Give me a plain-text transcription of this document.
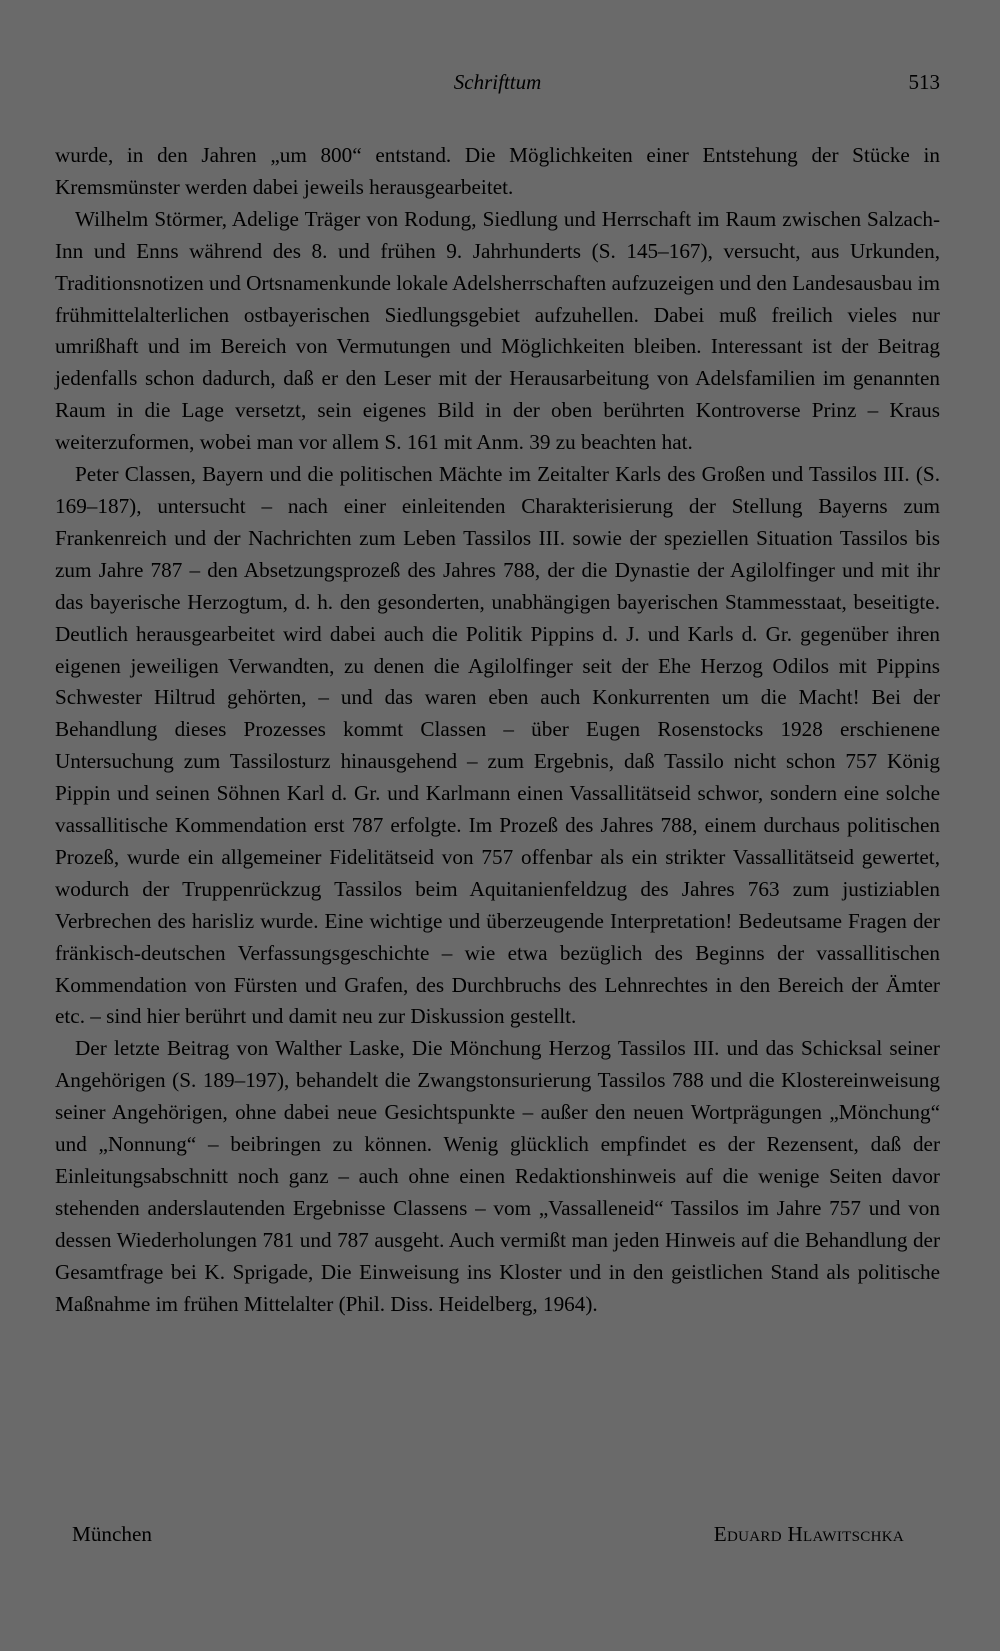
Schrifttum	513

wurde, in den Jahren „um 800“ entstand. Die Möglichkeiten einer Entstehung der Stücke in Kremsmünster werden dabei jeweils herausgearbeitet.

Wilhelm Störmer, Adelige Träger von Rodung, Siedlung und Herrschaft im Raum zwischen Salzach-Inn und Enns während des 8. und frühen 9. Jahrhunderts (S. 145–167), versucht, aus Urkunden, Traditionsnotizen und Ortsnamenkunde lokale Adelsherrschaften aufzuzeigen und den Landesausbau im frühmittelalterlichen ostbayerischen Siedlungsgebiet aufzuhellen. Dabei muß freilich vieles nur umrißhaft und im Bereich von Vermutungen und Möglichkeiten bleiben. Interessant ist der Beitrag jedenfalls schon dadurch, daß er den Leser mit der Herausarbeitung von Adelsfamilien im genannten Raum in die Lage versetzt, sein eigenes Bild in der oben berührten Kontroverse Prinz – Kraus weiterzuformen, wobei man vor allem S. 161 mit Anm. 39 zu beachten hat.

Peter Classen, Bayern und die politischen Mächte im Zeitalter Karls des Großen und Tassilos III. (S. 169–187), untersucht – nach einer einleitenden Charakterisierung der Stellung Bayerns zum Frankenreich und der Nachrichten zum Leben Tassilos III. sowie der speziellen Situation Tassilos bis zum Jahre 787 – den Absetzungsprozeß des Jahres 788, der die Dynastie der Agilolfinger und mit ihr das bayerische Herzogtum, d. h. den gesonderten, unabhängigen bayerischen Stammesstaat, beseitigte. Deutlich herausgearbeitet wird dabei auch die Politik Pippins d. J. und Karls d. Gr. gegenüber ihren eigenen jeweiligen Verwandten, zu denen die Agilolfinger seit der Ehe Herzog Odilos mit Pippins Schwester Hiltrud gehörten, – und das waren eben auch Konkurrenten um die Macht! Bei der Behandlung dieses Prozesses kommt Classen – über Eugen Rosenstocks 1928 erschienene Untersuchung zum Tassilosturz hinausgehend – zum Ergebnis, daß Tassilo nicht schon 757 König Pippin und seinen Söhnen Karl d. Gr. und Karlmann einen Vassallitätseid schwor, sondern eine solche vassallitische Kommendation erst 787 erfolgte. Im Prozeß des Jahres 788, einem durchaus politischen Prozeß, wurde ein allgemeiner Fidelitätseid von 757 offenbar als ein strikter Vassallitätseid gewertet, wodurch der Truppenrückzug Tassilos beim Aquitanienfeldzug des Jahres 763 zum justiziablen Verbrechen des harisliz wurde. Eine wichtige und überzeugende Interpretation! Bedeutsame Fragen der fränkisch-deutschen Verfassungsgeschichte – wie etwa bezüglich des Beginns der vassallitischen Kommendation von Fürsten und Grafen, des Durchbruchs des Lehnrechtes in den Bereich der Ämter etc. – sind hier berührt und damit neu zur Diskussion gestellt.

Der letzte Beitrag von Walther Laske, Die Mönchung Herzog Tassilos III. und das Schicksal seiner Angehörigen (S. 189–197), behandelt die Zwangstonsurierung Tassilos 788 und die Klostereinweisung seiner Angehörigen, ohne dabei neue Gesichtspunkte – außer den neuen Wortprägungen „Mönchung“ und „Nonnung“ – beibringen zu können. Wenig glücklich empfindet es der Rezensent, daß der Einleitungsabschnitt noch ganz – auch ohne einen Redaktionshinweis auf die wenige Seiten davor stehenden anderslautenden Ergebnisse Classens – vom „Vassalleneid“ Tassilos im Jahre 757 und von dessen Wiederholungen 781 und 787 ausgeht. Auch vermißt man jeden Hinweis auf die Behandlung der Gesamtfrage bei K. Sprigade, Die Einweisung ins Kloster und in den geistlichen Stand als politische Maßnahme im frühen Mittelalter (Phil. Diss. Heidelberg, 1964).

München	Eduard Hlawitschka
